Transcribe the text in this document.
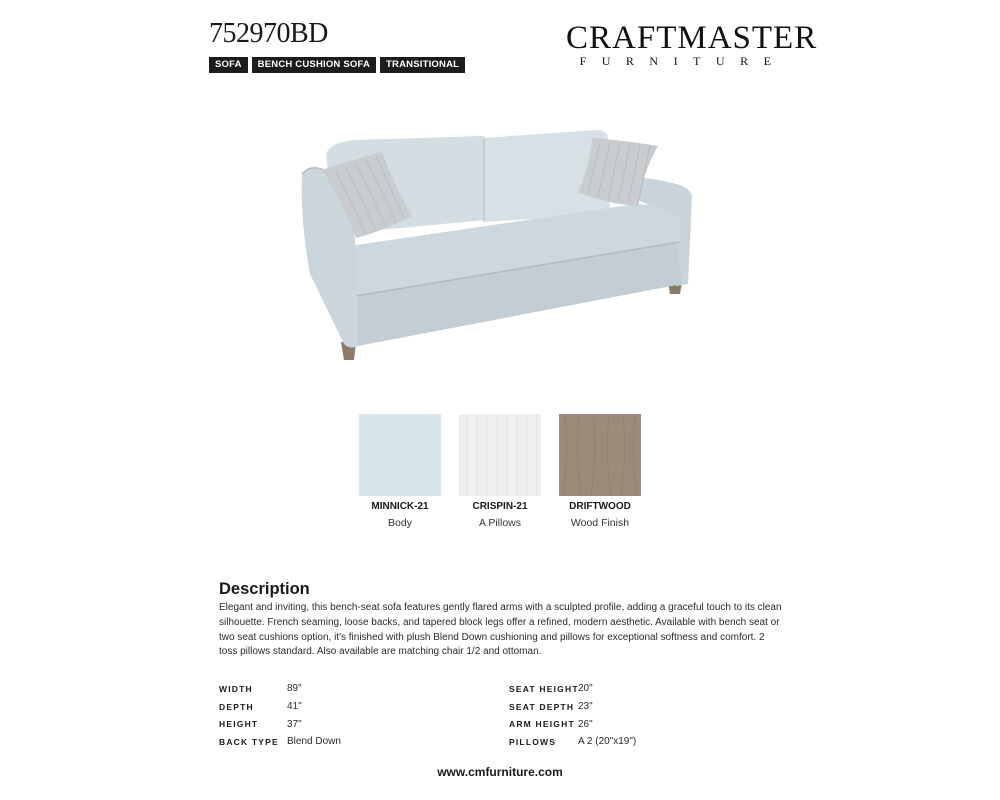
752970BD
SOFA	BENCH CUSHION SOFA	TRANSITIONAL
CRAFTMASTER
FURNITURE
MINNICK-21
Body
CRISPIN-21
A Pillows
DRIFTWOOD
Wood Finish
Description
Elegant and inviting, this bench-seat sofa features gently flared arms with a sculpted profile, adding a graceful touch to its clean silhouette. French seaming, loose backs, and tapered block legs offer a refined, modern aesthetic. Available with bench seat or two seat cushions option, it's finished with plush Blend Down cushioning and pillows for exceptional softness and comfort. 2 toss pillows standard. Also available are matching chair 1/2 and ottoman.
WIDTH	89"
DEPTH	41"
HEIGHT	37"
BACK TYPE Blend Down
SEAT HEIGHT 20"
SEAT DEPTH 23"
ARM HEIGHT 26"
PILLOWS A 2 (20"x19")
www.cmfurniture.com
